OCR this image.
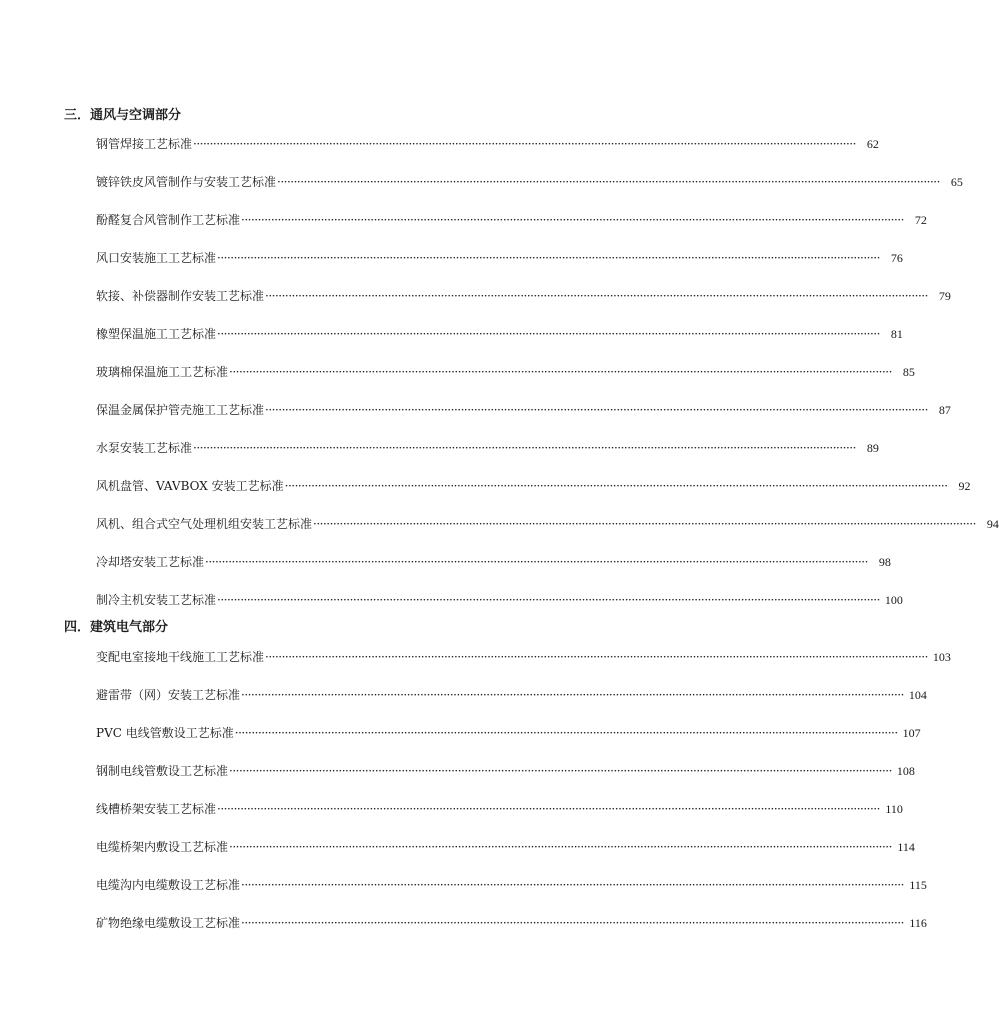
三．通风与空调部分
钢管焊接工艺标准 ········································································································································································································ 62
镀锌铁皮风管制作与安装工艺标准 ········································································································································································································ 65
酚醛复合风管制作工艺标准 ········································································································································································································ 72
风口安装施工工艺标准 ········································································································································································································ 76
软接、补偿器制作安装工艺标准 ········································································································································································································ 79
橡塑保温施工工艺标准 ········································································································································································································ 81
玻璃棉保温施工工艺标准 ········································································································································································································ 85
保温金属保护管壳施工工艺标准 ········································································································································································································ 87
水泵安装工艺标准 ········································································································································································································ 89
风机盘管、VAVBOX 安装工艺标准 ········································································································································································································ 92
风机、组合式空气处理机组安装工艺标准 ········································································································································································································ 94
冷却塔安装工艺标准 ········································································································································································································ 98
制冷主机安装工艺标准 ········································································································································································································ 100
四．建筑电气部分
变配电室接地干线施工工艺标准 ········································································································································································································ 103
避雷带（网）安装工艺标准 ········································································································································································································ 104
PVC 电线管敷设工艺标准 ········································································································································································································ 107
钢制电线管敷设工艺标准 ········································································································································································································ 108
线槽桥架安装工艺标准 ········································································································································································································ 110
电缆桥架内敷设工艺标准 ········································································································································································································ 114
电缆沟内电缆敷设工艺标准 ········································································································································································································ 115
矿物绝缘电缆敷设工艺标准 ········································································································································································································ 116
